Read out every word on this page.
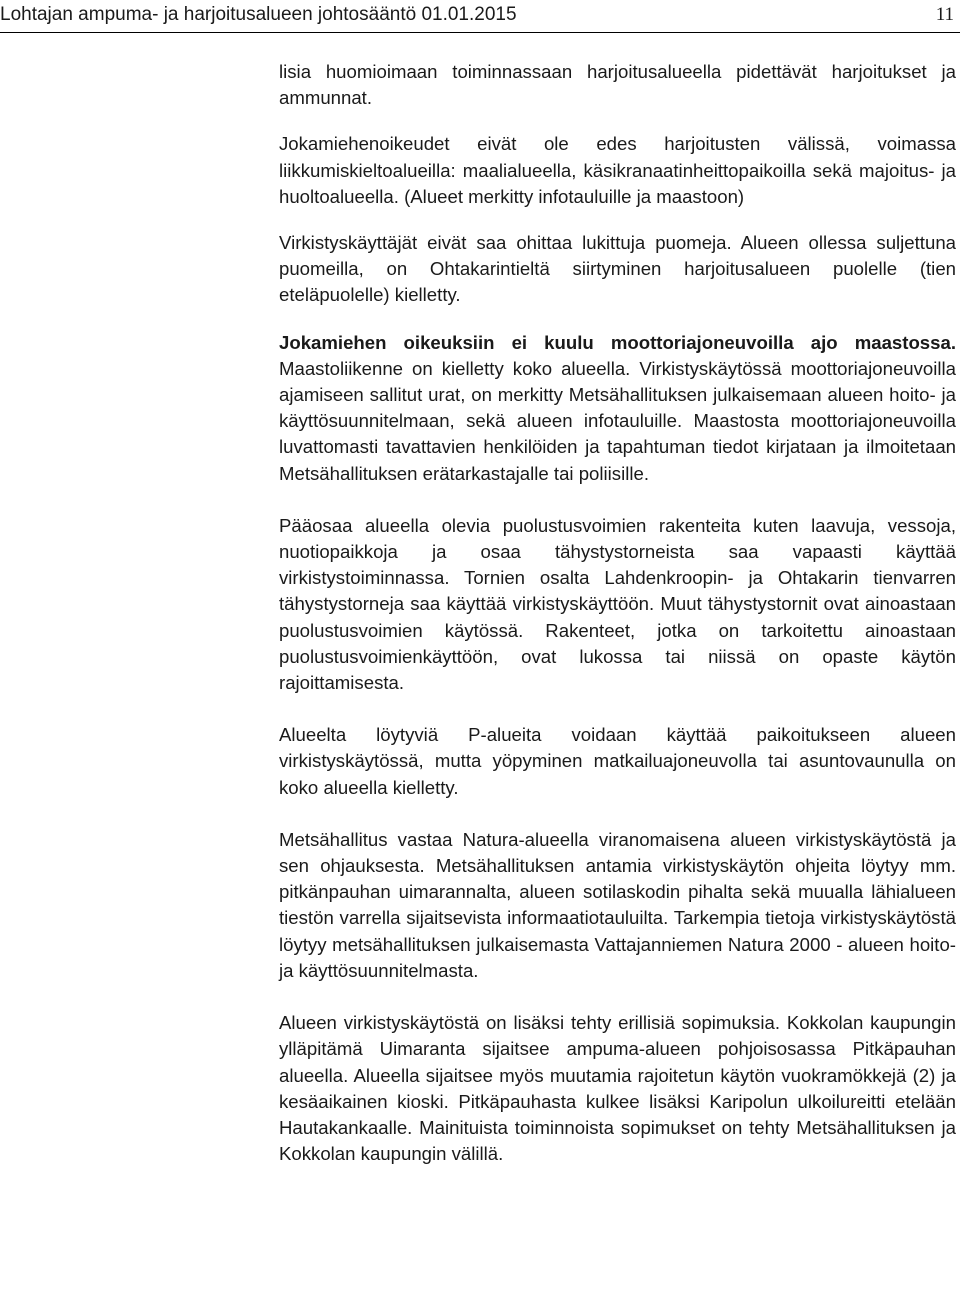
Lohtajan ampuma- ja harjoitusalueen johtosääntö 01.01.2015	11

lisia huomioimaan toiminnassaan harjoitusalueella pidettävät harjoitukset ja ammunnat.

Jokamiehenoikeudet eivät ole edes harjoitusten välissä, voimassa liikkumiskieltoalueilla: maalialueella, käsikranaatinheittopaikoilla sekä majoitus- ja huoltoalueella. (Alueet merkitty infotauluille ja maastoon)

Virkistyskäyttäjät eivät saa ohittaa lukittuja puomeja. Alueen ollessa suljettuna puomeilla, on Ohtakarintieltä siirtyminen harjoitusalueen puolelle (tien eteläpuolelle) kielletty.

Jokamiehen oikeuksiin ei kuulu moottoriajoneuvoilla ajo maastossa. Maastoliikenne on kielletty koko alueella. Virkistyskäytössä moottoriajoneuvoilla ajamiseen sallitut urat, on merkitty Metsähallituksen julkaisemaan alueen hoito- ja käyttösuunnitelmaan, sekä alueen infotauluille. Maastosta moottoriajoneuvoilla luvattomasti tavattavien henkilöiden ja tapahtuman tiedot kirjataan ja ilmoitetaan Metsähallituksen erätarkastajalle tai poliisille.

Pääosaa alueella olevia puolustusvoimien rakenteita kuten laavuja, vessoja, nuotiopaikkoja ja osaa tähystystorneista saa vapaasti käyttää virkistystoiminnassa. Tornien osalta Lahdenkroopin- ja Ohtakarin tienvarren tähystystorneja saa käyttää virkistyskäyttöön. Muut tähystystornit ovat ainoastaan puolustusvoimien käytössä. Rakenteet, jotka on tarkoitettu ainoastaan puolustusvoimienkäyttöön, ovat lukossa tai niissä on opaste käytön rajoittamisesta.

Alueelta löytyviä P-alueita voidaan käyttää paikoitukseen alueen virkistyskäytössä, mutta yöpyminen matkailuajoneuvolla tai asuntovaunulla on koko alueella kielletty.

Metsähallitus vastaa Natura-alueella viranomaisena alueen virkistyskäytöstä ja sen ohjauksesta. Metsähallituksen antamia virkistyskäytön ohjeita löytyy mm. pitkänpauhan uimarannalta, alueen sotilaskodin pihalta sekä muualla lähialueen tiestön varrella sijaitsevista informaatiotauluilta. Tarkempia tietoja virkistyskäytöstä löytyy metsähallituksen julkaisemasta Vattajanniemen Natura 2000 - alueen hoito- ja käyttösuunnitelmasta.

Alueen virkistyskäytöstä on lisäksi tehty erillisiä sopimuksia. Kokkolan kaupungin ylläpitämä Uimaranta sijaitsee ampuma-alueen pohjoisosassa Pitkäpauhan alueella. Alueella sijaitsee myös muutamia rajoitetun käytön vuokramökkejä (2) ja kesäaikainen kioski. Pitkäpauhasta kulkee lisäksi Karipolun ulkoilureitti etelään Hautakankaalle. Mainituista toiminnoista sopimukset on tehty Metsähallituksen ja Kokkolan kaupungin välillä.
